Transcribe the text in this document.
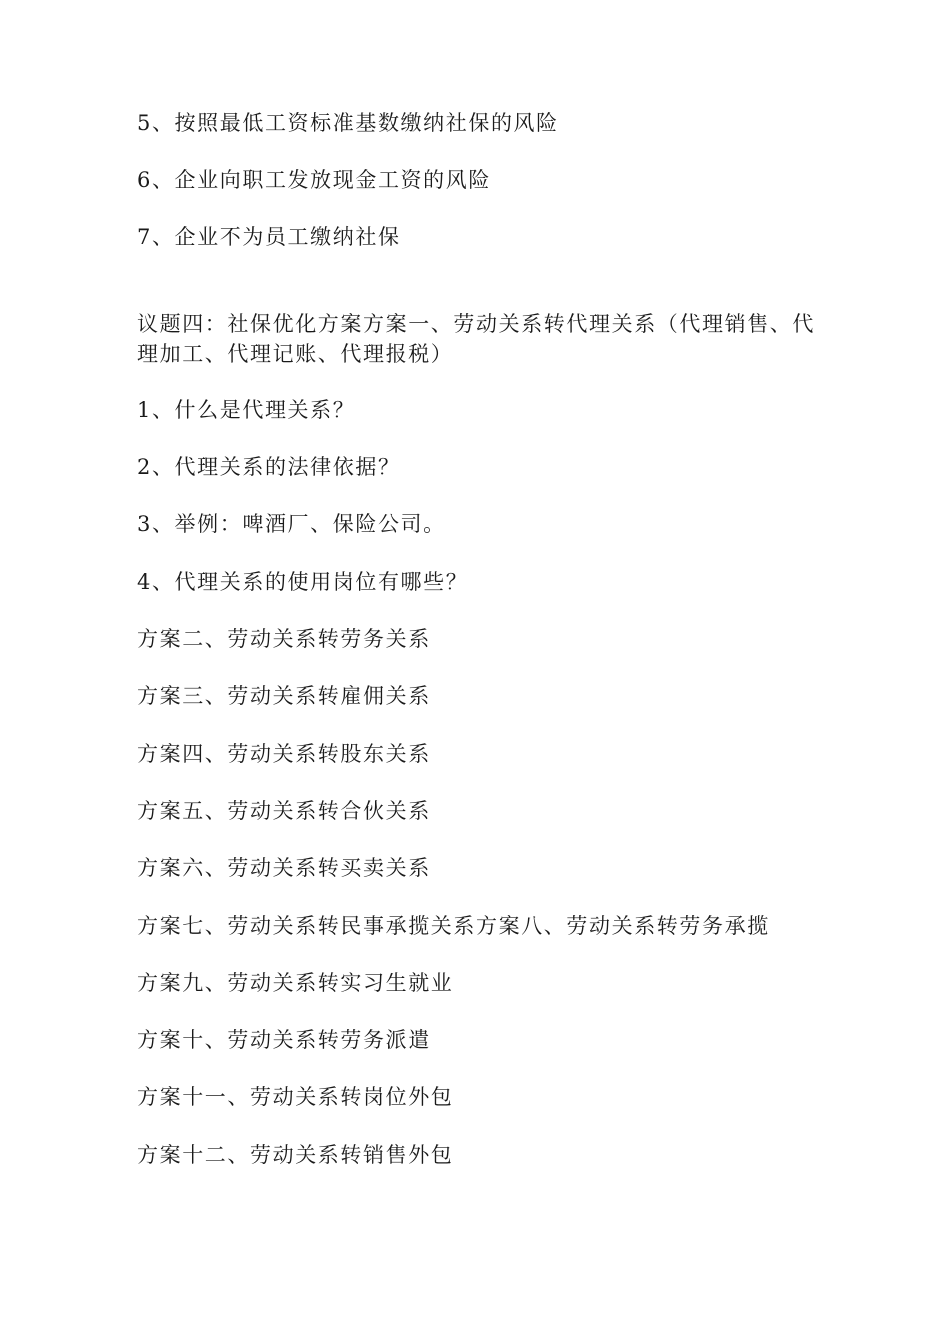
5、按照最低工资标准基数缴纳社保的风险

6、企业向职工发放现金工资的风险

7、企业不为员工缴纳社保

议题四：社保优化方案方案一、劳动关系转代理关系（代理销售、代理加工、代理记账、代理报税）

1、什么是代理关系？

2、代理关系的法律依据？

3、举例：啤酒厂、保险公司。

4、代理关系的使用岗位有哪些？

方案二、劳动关系转劳务关系

方案三、劳动关系转雇佣关系

方案四、劳动关系转股东关系

方案五、劳动关系转合伙关系

方案六、劳动关系转买卖关系

方案七、劳动关系转民事承揽关系方案八、劳动关系转劳务承揽

方案九、劳动关系转实习生就业

方案十、劳动关系转劳务派遣

方案十一、劳动关系转岗位外包

方案十二、劳动关系转销售外包
